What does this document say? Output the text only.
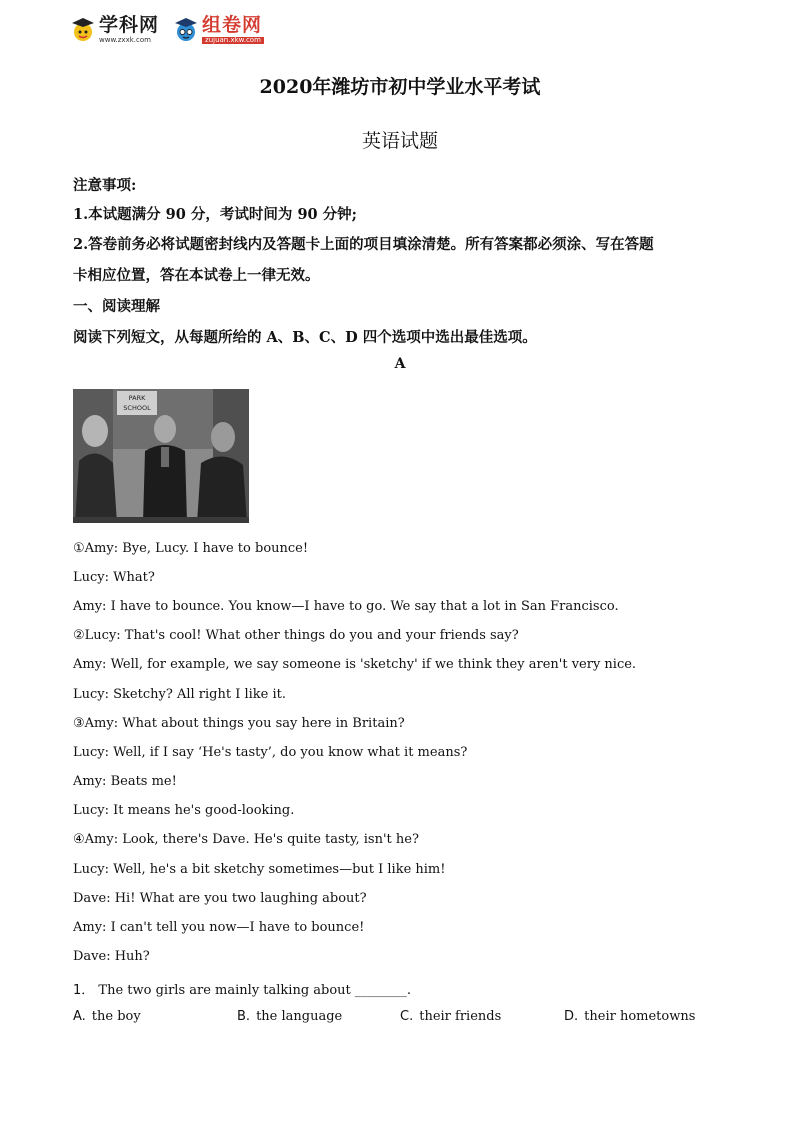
学科网
www.zxxk.com
组卷网
zujuan.xkw.com
2020年潍坊市初中学业水平考试
英语试题
注意事项:
1.本试题满分 90 分，考试时间为 90 分钟;
2.答卷前务必将试题密封线内及答题卡上面的项目填涂清楚。所有答案都必须涂、写在答题
卡相应位置，答在本试卷上一律无效。
一、阅读理解
阅读下列短文，从每题所给的 A、B、C、D 四个选项中选出最佳选项。
A
PARK
SCHOOL
①Amy: Bye, Lucy. I have to bounce!
Lucy: What?
Amy: I have to bounce. You know—I have to go. We say that a lot in San Francisco.
②Lucy: That's cool! What other things do you and your friends say?
Amy: Well, for example, we say someone is 'sketchy' if we think they aren't very nice.
Lucy: Sketchy? All right I like it.
③Amy: What about things you say here in Britain?
Lucy: Well, if I say ‘He's tasty’, do you know what it means?
Amy: Beats me!
Lucy: It means he's good-looking.
④Amy: Look, there's Dave. He's quite tasty, isn't he?
Lucy: Well, he's a bit sketchy sometimes—but I like him!
Dave: Hi! What are you two laughing about?
Amy: I can't tell you now—I have to bounce!
Dave: Huh?
1． The two girls are mainly talking about ________.
A. the boy	B. the language	C. their friends	D. their hometowns
